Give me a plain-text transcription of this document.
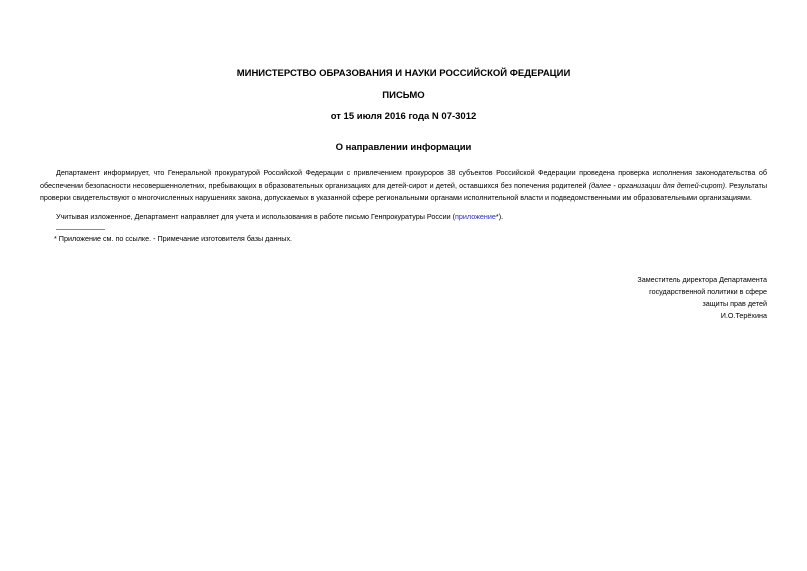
МИНИСТЕРСТВО ОБРАЗОВАНИЯ И НАУКИ РОССИЙСКОЙ ФЕДЕРАЦИИ
ПИСЬМО
от 15 июля 2016 года N 07-3012
О направлении информации
Департамент информирует, что Генеральной прокуратурой Российской Федерации с привлечением прокуроров 38 субъектов Российской Федерации проведена проверка исполнения законодательства об обеспечении безопасности несовершеннолетних, пребывающих в образовательных организациях для детей-сирот и детей, оставшихся без попечения родителей (далее - организации для детей-сирот). Результаты проверки свидетельствуют о многочисленных нарушениях закона, допускаемых в указанной сфере региональными органами исполнительной власти и подведомственными им образовательными организациями.
Учитывая изложенное, Департамент направляет для учета и использования в работе письмо Генпрокуратуры России (приложение*).
* Приложение см. по ссылке. - Примечание изготовителя базы данных.
Заместитель директора Департамента
государственной политики в сфере
защиты прав детей
И.О.Терёхина
